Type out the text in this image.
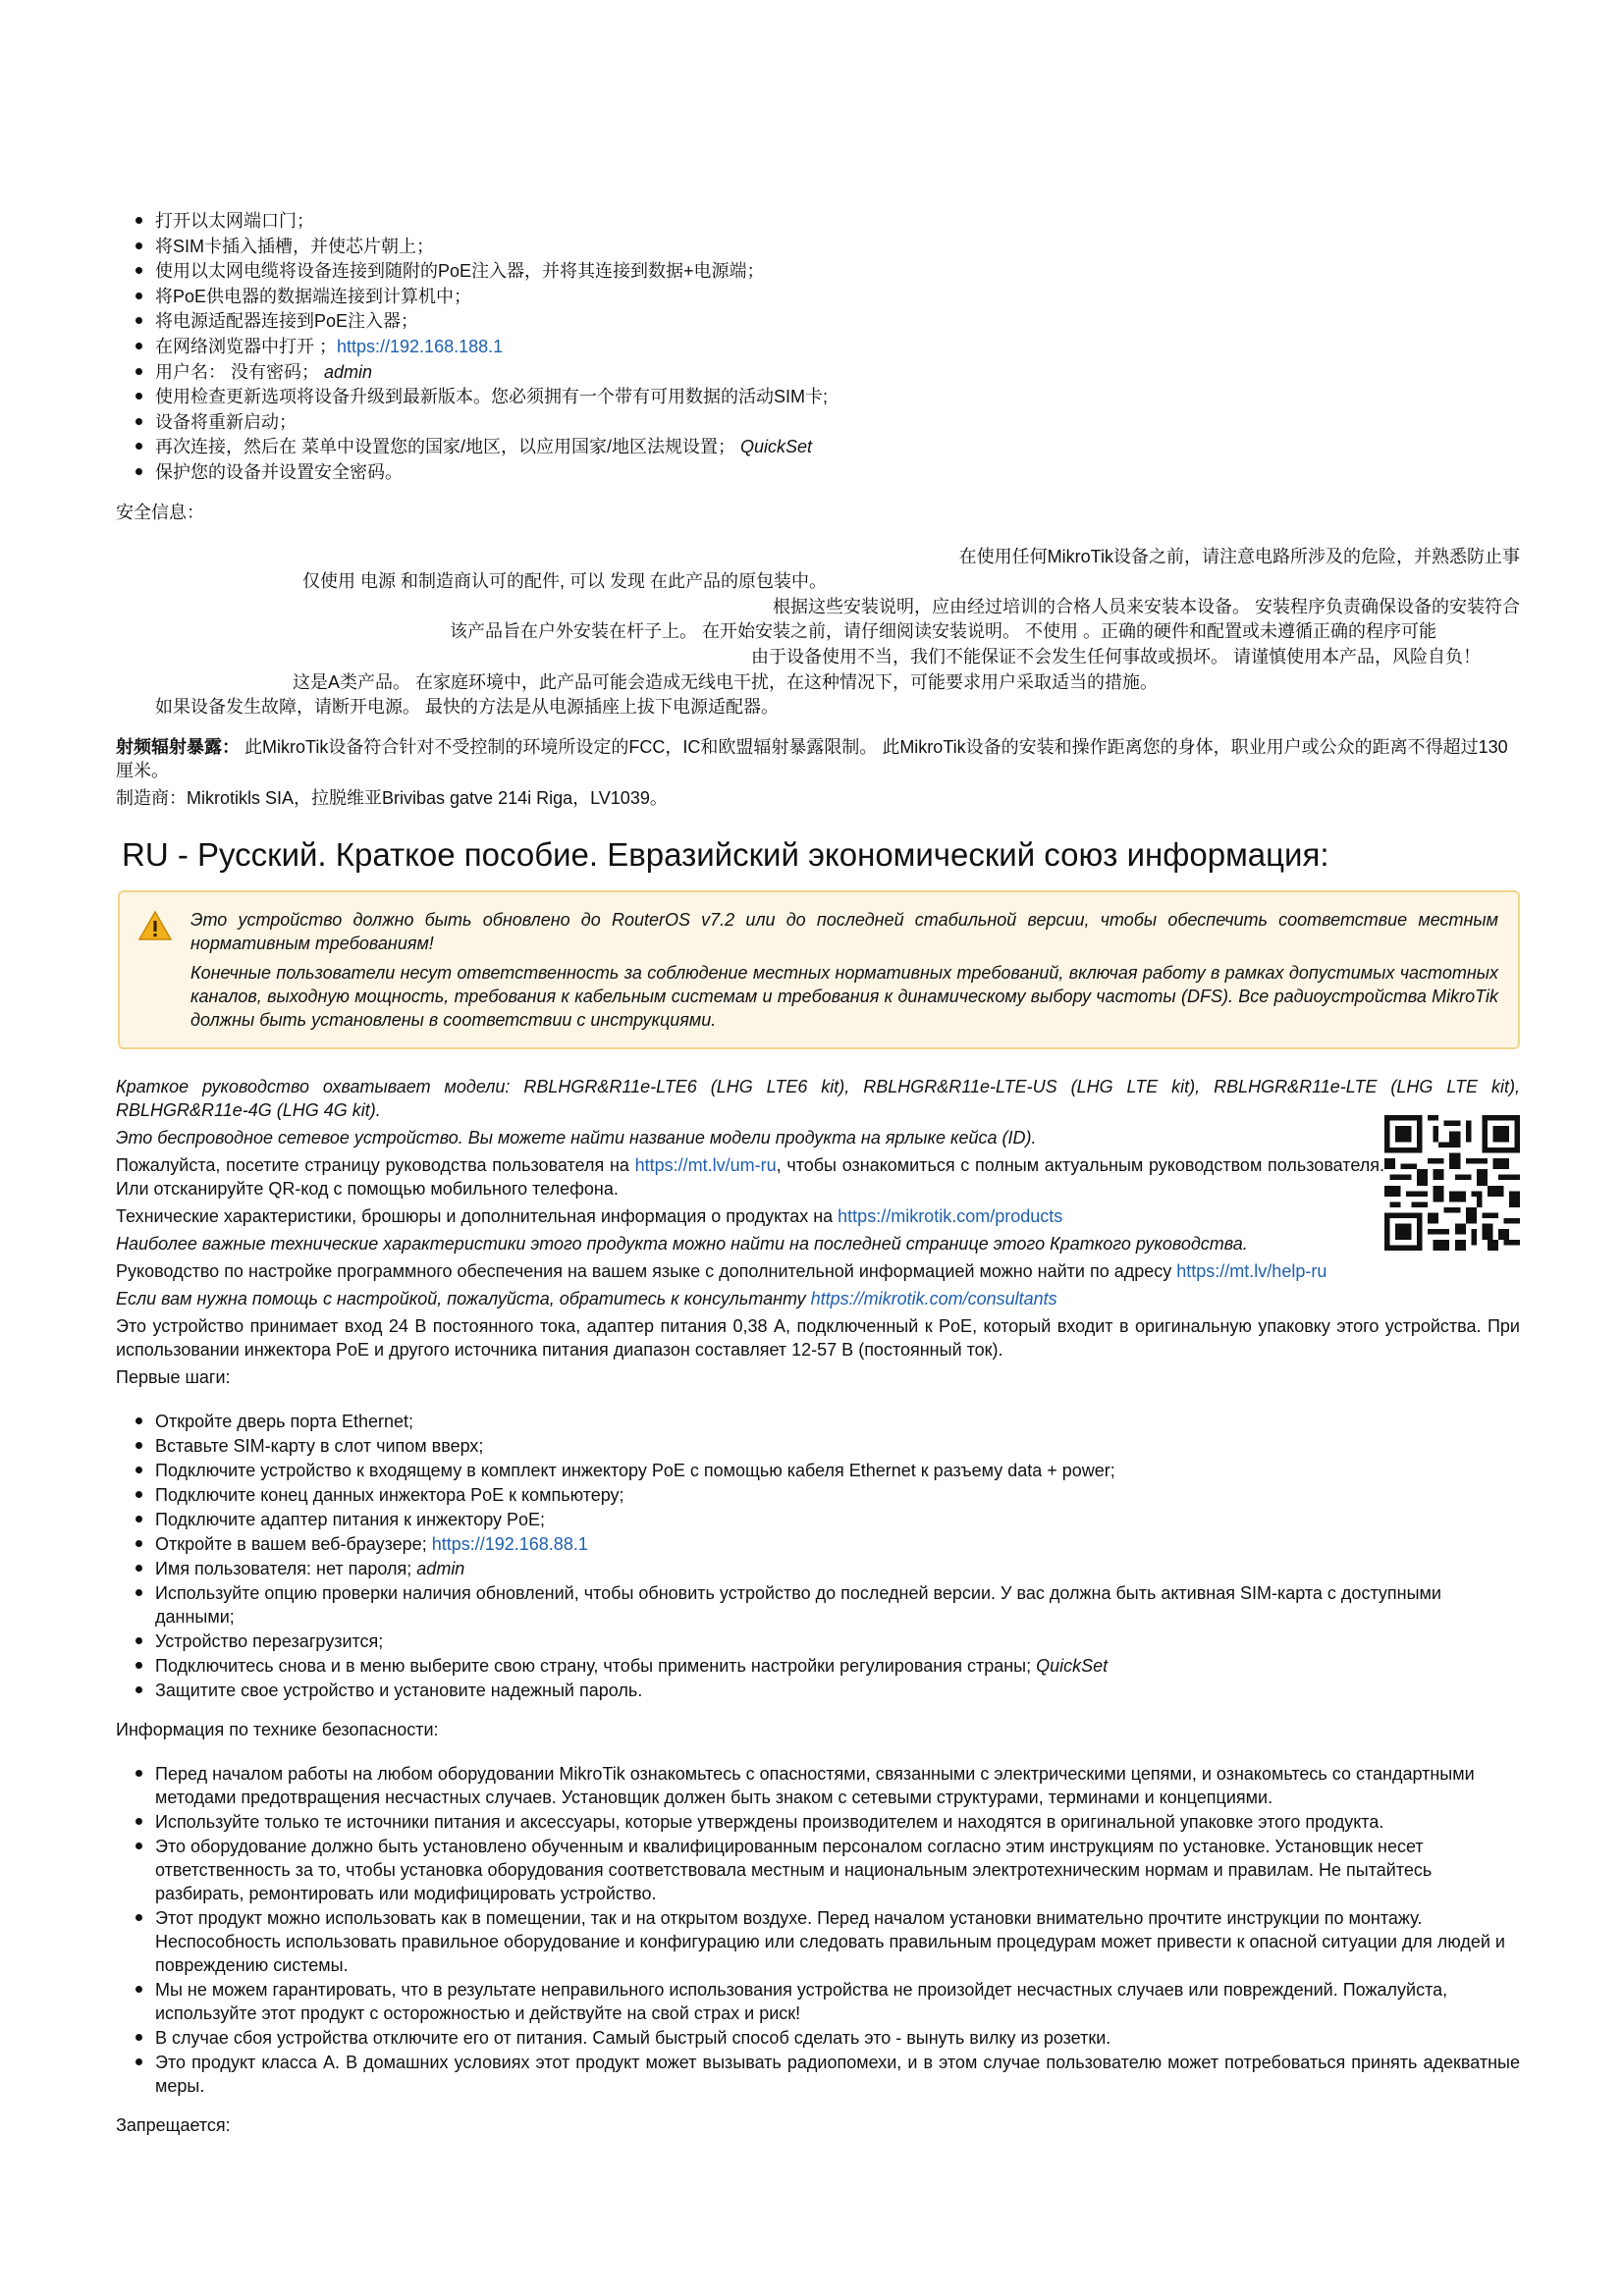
• 打开以太网端口门；
• 将SIM卡插入插槽，并使芯片朝上；
• 使用以太网电缆将设备连接到随附的PoE注入器，并将其连接到数据+电源端；
• 将PoE供电器的数据端连接到计算机中；
• 将电源适配器连接到PoE注入器；
• 在网络浏览器中打开 ；https://192.168.188.1
• 用户名： 没有密码； admin
• 使用检查更新选项将设备升级到最新版本。您必须拥有一个带有可用数据的活动SIM卡;
• 设备将重新启动；
• 再次连接，然后在 菜单中设置您的国家/地区，以应用国家/地区法规设置； QuickSet
• 保护您的设备并设置安全密码。

安全信息：

• 在使用任何MikroTik设备之前，请注意电路所涉及的危险，并熟悉防止事
• 仅使用 电源 和制造商认可的配件, 可以 发现 在此产品的原包装中。
• 根据这些安装说明，应由经过培训的合格人员来安装本设备。 安装程序负责确保设备的安装符合
• 该产品旨在户外安装在杆子上。 在开始安装之前，请仔细阅读安装说明。 不使用 。正确的硬件和配置或未遵循正确的程序可能
• 由于设备使用不当，我们不能保证不会发生任何事故或损坏。 请谨慎使用本产品，风险自负！
• 这是A类产品。 在家庭环境中，此产品可能会造成无线电干扰，在这种情况下，可能要求用户采取适当的措施。
• 如果设备发生故障，请断开电源。 最快的方法是从电源插座上拔下电源适配器。

射频辐射暴露： 此MikroTik设备符合针对不受控制的环境所设定的FCC，IC和欧盟辐射暴露限制。 此MikroTik设备的安装和操作距离您的身体，职业用户或公众的距离不得超过130厘米。

制造商：Mikrotikls SIA，拉脱维亚Brivibas gatve 214i Riga，LV1039。

RU - Русский. Краткое пособие. Евразийский экономический союз информация:

Это устройство должно быть обновлено до RouterOS v7.2 или до последней стабильной версии, чтобы обеспечить соответствие местным нормативным требованиям!

Конечные пользователи несут ответственность за соблюдение местных нормативных требований, включая работу в рамках допустимых частотных каналов, выходную мощность, требования к кабельным системам и требования к динамическому выбору частоты (DFS). Все радиоустройства MikroTik должны быть установлены в соответствии с инструкциями.

Краткое руководство охватывает модели: RBLHGR&R11e-LTE6 (LHG LTE6 kit), RBLHGR&R11e-LTE-US (LHG LTE kit), RBLHGR&R11e-LTE (LHG LTE kit), RBLHGR&R11e-4G (LHG 4G kit).

Это беспроводное сетевое устройство. Вы можете найти название модели продукта на ярлыке кейса (ID).

Пожалуйста, посетите страницу руководства пользователя на https://mt.lv/um-ru, чтобы ознакомиться с полным актуальным руководством пользователя. Или отсканируйте QR-код с помощью мобильного телефона.

Технические характеристики, брошюры и дополнительная информация о продуктах на https://mikrotik.com/products

Наиболее важные технические характеристики этого продукта можно найти на последней странице этого Краткого руководства.

Руководство по настройке программного обеспечения на вашем языке с дополнительной информацией можно найти по адресу https://mt.lv/help-ru

Если вам нужна помощь с настройкой, пожалуйста, обратитесь к консультанту https://mikrotik.com/consultants

Это устройство принимает вход 24 В постоянного тока, адаптер питания 0,38 А, подключенный к PoE, который входит в оригинальную упаковку этого устройства. При использовании инжектора PoE и другого источника питания диапазон составляет 12-57 В (постоянный ток).

Первые шаги:

• Откройте дверь порта Ethernet;
• Вставьте SIM-карту в слот чипом вверх;
• Подключите устройство к входящему в комплект инжектору PoE с помощью кабеля Ethernet к разъему data + power;
• Подключите конец данных инжектора PoE к компьютеру;
• Подключите адаптер питания к инжектору PoE;
• Откройте в вашем веб-браузере; https://192.168.88.1
• Имя пользователя: нет пароля; admin
• Используйте опцию проверки наличия обновлений, чтобы обновить устройство до последней версии. У вас должна быть активная SIM-карта с доступными данными;
• Устройство перезагрузится;
• Подключитесь снова и в меню выберите свою страну, чтобы применить настройки регулирования страны; QuickSet
• Защитите свое устройство и установите надежный пароль.

Информация по технике безопасности:

• Перед началом работы на любом оборудовании MikroTik ознакомьтесь с опасностями, связанными с электрическими цепями, и ознакомьтесь со стандартными методами предотвращения несчастных случаев. Установщик должен быть знаком с сетевыми структурами, терминами и концепциями.
• Используйте только те источники питания и аксессуары, которые утверждены производителем и находятся в оригинальной упаковке этого продукта.
• Это оборудование должно быть установлено обученным и квалифицированным персоналом согласно этим инструкциям по установке. Установщик несет ответственность за то, чтобы установка оборудования соответствовала местным и национальным электротехническим нормам и правилам. Не пытайтесь разбирать, ремонтировать или модифицировать устройство.
• Этот продукт можно использовать как в помещении, так и на открытом воздухе. Перед началом установки внимательно прочтите инструкции по монтажу. Неспособность использовать правильное оборудование и конфигурацию или следовать правильным процедурам может привести к опасной ситуации для людей и повреждению системы.
• Мы не можем гарантировать, что в результате неправильного использования устройства не произойдет несчастных случаев или повреждений. Пожалуйста, используйте этот продукт с осторожностью и действуйте на свой страх и риск!
• В случае сбоя устройства отключите его от питания. Самый быстрый способ сделать это - вынуть вилку из розетки.
• Это продукт класса А. В домашних условиях этот продукт может вызывать радиопомехи, и в этом случае пользователю может потребоваться принять адекватные меры.

Запрещается:
